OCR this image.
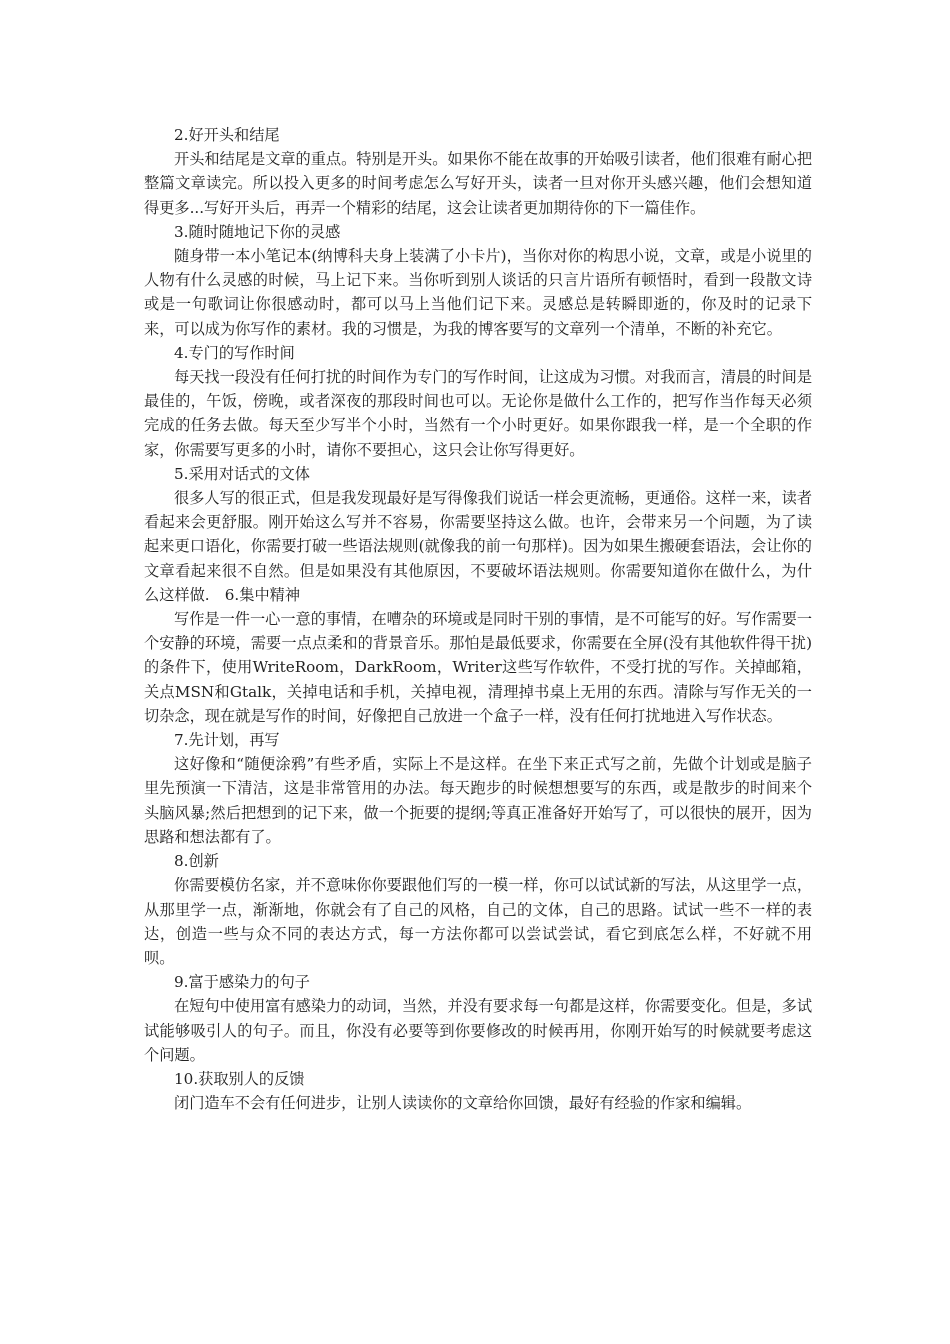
2.好开头和结尾

开头和结尾是文章的重点。特别是开头。如果你不能在故事的开始吸引读者，他们很难有耐心把整篇文章读完。所以投入更多的时间考虑怎么写好开头，读者一旦对你开头感兴趣，他们会想知道得更多...写好开头后，再弄一个精彩的结尾，这会让读者更加期待你的下一篇佳作。

3.随时随地记下你的灵感

随身带一本小笔记本(纳博科夫身上装满了小卡片)，当你对你的构思小说，文章，或是小说里的人物有什么灵感的时候，马上记下来。当你听到别人谈话的只言片语所有顿悟时，看到一段散文诗或是一句歌词让你很感动时，都可以马上当他们记下来。灵感总是转瞬即逝的，你及时的记录下来，可以成为你写作的素材。我的习惯是，为我的博客要写的文章列一个清单，不断的补充它。

4.专门的写作时间

每天找一段没有任何打扰的时间作为专门的写作时间，让这成为习惯。对我而言，清晨的时间是最佳的，午饭，傍晚，或者深夜的那段时间也可以。无论你是做什么工作的，把写作当作每天必须完成的任务去做。每天至少写半个小时，当然有一个小时更好。如果你跟我一样，是一个全职的作家，你需要写更多的小时，请你不要担心，这只会让你写得更好。

5.采用对话式的文体

很多人写的很正式，但是我发现最好是写得像我们说话一样会更流畅，更通俗。这样一来，读者看起来会更舒服。刚开始这么写并不容易，你需要坚持这么做。也许，会带来另一个问题，为了读起来更口语化，你需要打破一些语法规则(就像我的前一句那样)。因为如果生搬硬套语法，会让你的文章看起来很不自然。但是如果没有其他原因，不要破坏语法规则。你需要知道你在做什么，为什么这样做.　6.集中精神

写作是一件一心一意的事情，在嘈杂的环境或是同时干别的事情，是不可能写的好。写作需要一个安静的环境，需要一点点柔和的背景音乐。那怕是最低要求，你需要在全屏(没有其他软件得干扰)的条件下，使用WriteRoom，DarkRoom，Writer这些写作软件，不受打扰的写作。关掉邮箱，关点MSN和Gtalk，关掉电话和手机，关掉电视，清理掉书桌上无用的东西。清除与写作无关的一切杂念，现在就是写作的时间，好像把自己放进一个盒子一样，没有任何打扰地进入写作状态。

7.先计划，再写

这好像和“随便涂鸦”有些矛盾，实际上不是这样。在坐下来正式写之前，先做个计划或是脑子里先预演一下清洁，这是非常管用的办法。每天跑步的时候想想要写的东西，或是散步的时间来个头脑风暴;然后把想到的记下来，做一个扼要的提纲;等真正准备好开始写了，可以很快的展开，因为思路和想法都有了。

8.创新

你需要模仿名家，并不意味你你要跟他们写的一模一样，你可以试试新的写法，从这里学一点，从那里学一点，渐渐地，你就会有了自己的风格，自己的文体，自己的思路。试试一些不一样的表达，创造一些与众不同的表达方式，每一方法你都可以尝试尝试，看它到底怎么样，不好就不用呗。

9.富于感染力的句子

在短句中使用富有感染力的动词，当然，并没有要求每一句都是这样，你需要变化。但是，多试试能够吸引人的句子。而且，你没有必要等到你要修改的时候再用，你刚开始写的时候就要考虑这个问题。

10.获取别人的反馈

闭门造车不会有任何进步，让别人读读你的文章给你回馈，最好有经验的作家和编辑。
